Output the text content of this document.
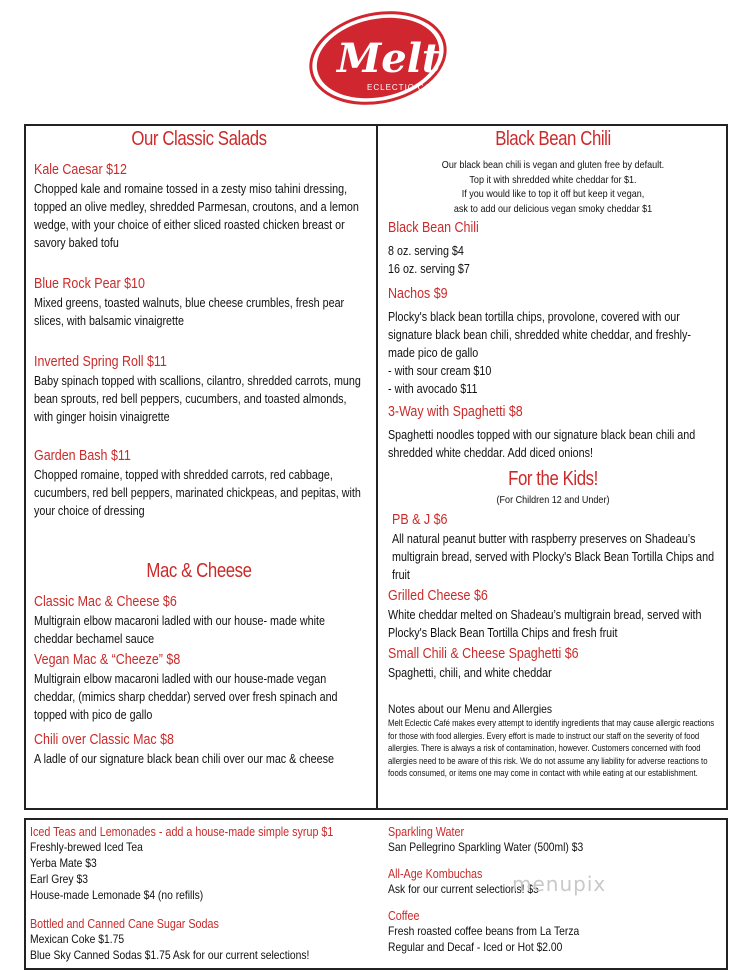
Melt
ECLECTIC CAFE

Our Classic Salads

Kale Caesar $12

Chopped kale and romaine tossed in a zesty miso tahini dressing, topped an olive medley, shredded Parmesan, croutons, and a lemon wedge, with your choice of either sliced roasted chicken breast or savory baked tofu

Blue Rock Pear $10

Mixed greens, toasted walnuts, blue cheese crumbles, fresh pear slices, with balsamic vinaigrette

Inverted Spring Roll $11

Baby spinach topped with scallions, cilantro, shredded carrots, mung bean sprouts, red bell peppers, cucumbers, and toasted almonds, with ginger hoisin vinaigrette

Garden Bash $11

Chopped romaine, topped with shredded carrots, red cabbage, cucumbers, red bell peppers, marinated chickpeas, and pepitas, with your choice of dressing

Mac & Cheese

Classic Mac & Cheese $6

Multigrain elbow macaroni ladled with our house- made white cheddar bechamel sauce

Vegan Mac & “Cheeze” $8

Multigrain elbow macaroni ladled with our house-made vegan cheddar, (mimics sharp cheddar) served over fresh spinach and topped with pico de gallo

Chili over Classic Mac $8

A ladle of our signature black bean chili over our mac & cheese

Black Bean Chili

Our black bean chili is vegan and gluten free by default.

Top it with shredded white cheddar for $1.

If you would like to top it off but keep it vegan,

ask to add our delicious vegan smoky cheddar $1

Black Bean Chili

8 oz. serving $4

16 oz. serving $7

Nachos $9

Plocky's black bean tortilla chips, provolone, covered with our signature black bean chili, shredded white cheddar, and freshly-made pico de gallo

- with sour cream $10

- with avocado $11

3-Way with Spaghetti $8

Spaghetti noodles topped with our signature black bean chili and shredded white cheddar. Add diced onions!

For the Kids!

(For Children 12 and Under)

PB & J $6

All natural peanut butter with raspberry preserves on Shadeau’s multigrain bread, served with Plocky's Black Bean Tortilla Chips and fruit

Grilled Cheese $6

White cheddar melted on Shadeau’s multigrain bread, served with Plocky's Black Bean Tortilla Chips and fresh fruit

Small Chili & Cheese Spaghetti $6

Spaghetti, chili, and white cheddar

Notes about our Menu and Allergies

Melt Eclectic Café makes every attempt to identify ingredients that may cause allergic reactions for those with food allergies. Every effort is made to instruct our staff on the severity of food allergies. There is always a risk of contamination, however. Customers concerned with food allergies need to be aware of this risk. We do not assume any liability for adverse reactions to foods consumed, or items one may come in contact with while eating at our establishment.

Iced Teas and Lemonades - add a house-made simple syrup $1

Freshly-brewed Iced Tea

Yerba Mate $3

Earl Grey $3

House-made Lemonade $4 (no refills)

Bottled and Canned Cane Sugar Sodas

Mexican Coke $1.75

Blue Sky Canned Sodas $1.75 Ask for our current selections!

Sparkling Water

San Pellegrino Sparkling Water (500ml) $3

All-Age Kombuchas

Ask for our current selections! $5

Coffee

Fresh roasted coffee beans from La Terza

Regular and Decaf - Iced or Hot $2.00

menupix
